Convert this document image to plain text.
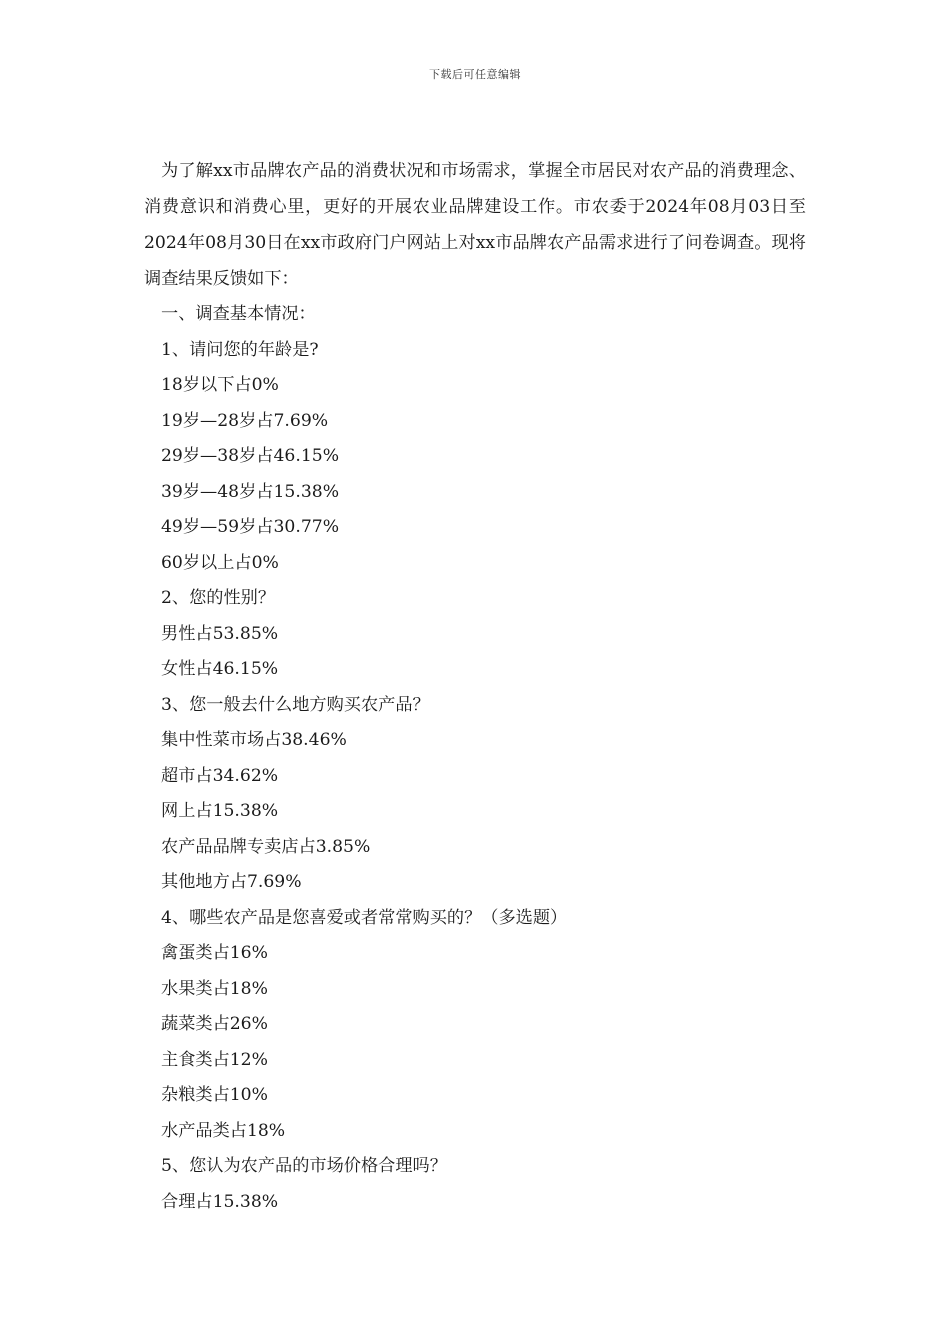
下载后可任意编辑

为了解xx市品牌农产品的消费状况和市场需求，掌握全市居民对农产品的消费理念、消费意识和消费心里，更好的开展农业品牌建设工作。市农委于2024年08月03日至2024年08月30日在xx市政府门户网站上对xx市品牌农产品需求进行了问卷调查。现将调查结果反馈如下：

一、调查基本情况：
1、请问您的年龄是?
18岁以下占0%
19岁—28岁占7.69%
29岁—38岁占46.15%
39岁—48岁占15.38%
49岁—59岁占30.77%
60岁以上占0%
2、您的性别？
男性占53.85%
女性占46.15%
3、您一般去什么地方购买农产品？
集中性菜市场占38.46%
超市占34.62%
网上占15.38%
农产品品牌专卖店占3.85%
其他地方占7.69%
4、哪些农产品是您喜爱或者常常购买的？（多选题）
禽蛋类占16%
水果类占18%
蔬菜类占26%
主食类占12%
杂粮类占10%
水产品类占18%
5、您认为农产品的市场价格合理吗？
合理占15.38%
